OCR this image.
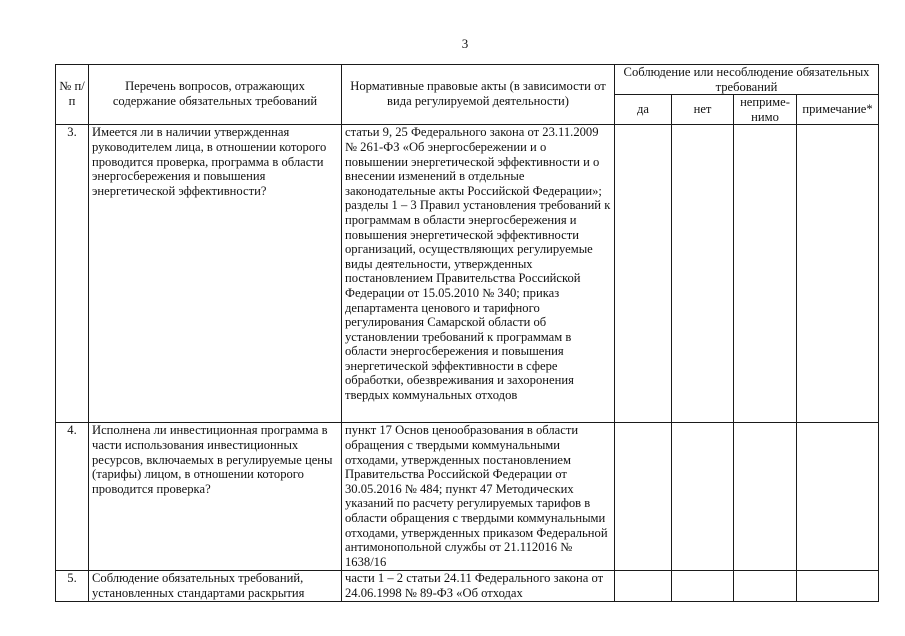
3
№ п/п	Перечень вопросов, отражающих содержание обязательных требований	Нормативные правовые акты (в зависимости от вида регулируемой деятельности)	Соблюдение или несоблюдение обязательных требований			
			да	нет	неприме-нимо	примечание*
3.	Имеется ли в наличии утвержденная руководителем лица, в отношении которого проводится проверка, программа в области энергосбережения и повышения энергетической эффективности?	статьи 9, 25 Федерального закона от 23.11.2009 № 261-ФЗ «Об энергосбережении и о повышении энергетической эффективности и о внесении изменений в отдельные законодательные акты Российской Федерации»; разделы 1 – 3 Правил установления требований к программам в области энергосбережения и повышения энергетической эффективности организаций, осуществляющих регулируемые виды деятельности, утвержденных постановлением Правительства Российской Федерации от 15.05.2010 № 340; приказ департамента ценового и тарифного регулирования Самарской области об установлении требований к программам в области энергосбережения и повышения энергетической эффективности в сфере обработки, обезвреживания и захоронения твердых коммунальных отходов				
4.	Исполнена ли инвестиционная программа в части использования инвестиционных ресурсов, включаемых в регулируемые цены (тарифы) лицом, в отношении которого проводится проверка?	пункт 17 Основ ценообразования в области обращения с твердыми коммунальными отходами, утвержденных постановлением Правительства Российской Федерации от 30.05.2016 № 484; пункт 47 Методических указаний по расчету регулируемых тарифов в области обращения с твердыми коммунальными отходами, утвержденных приказом Федеральной антимонопольной службы от 21.112016 № 1638/16				
5.	Соблюдение обязательных требований, установленных стандартами раскрытия	части 1 – 2 статьи 24.11 Федерального закона от 24.06.1998 № 89-ФЗ «Об отходах				
